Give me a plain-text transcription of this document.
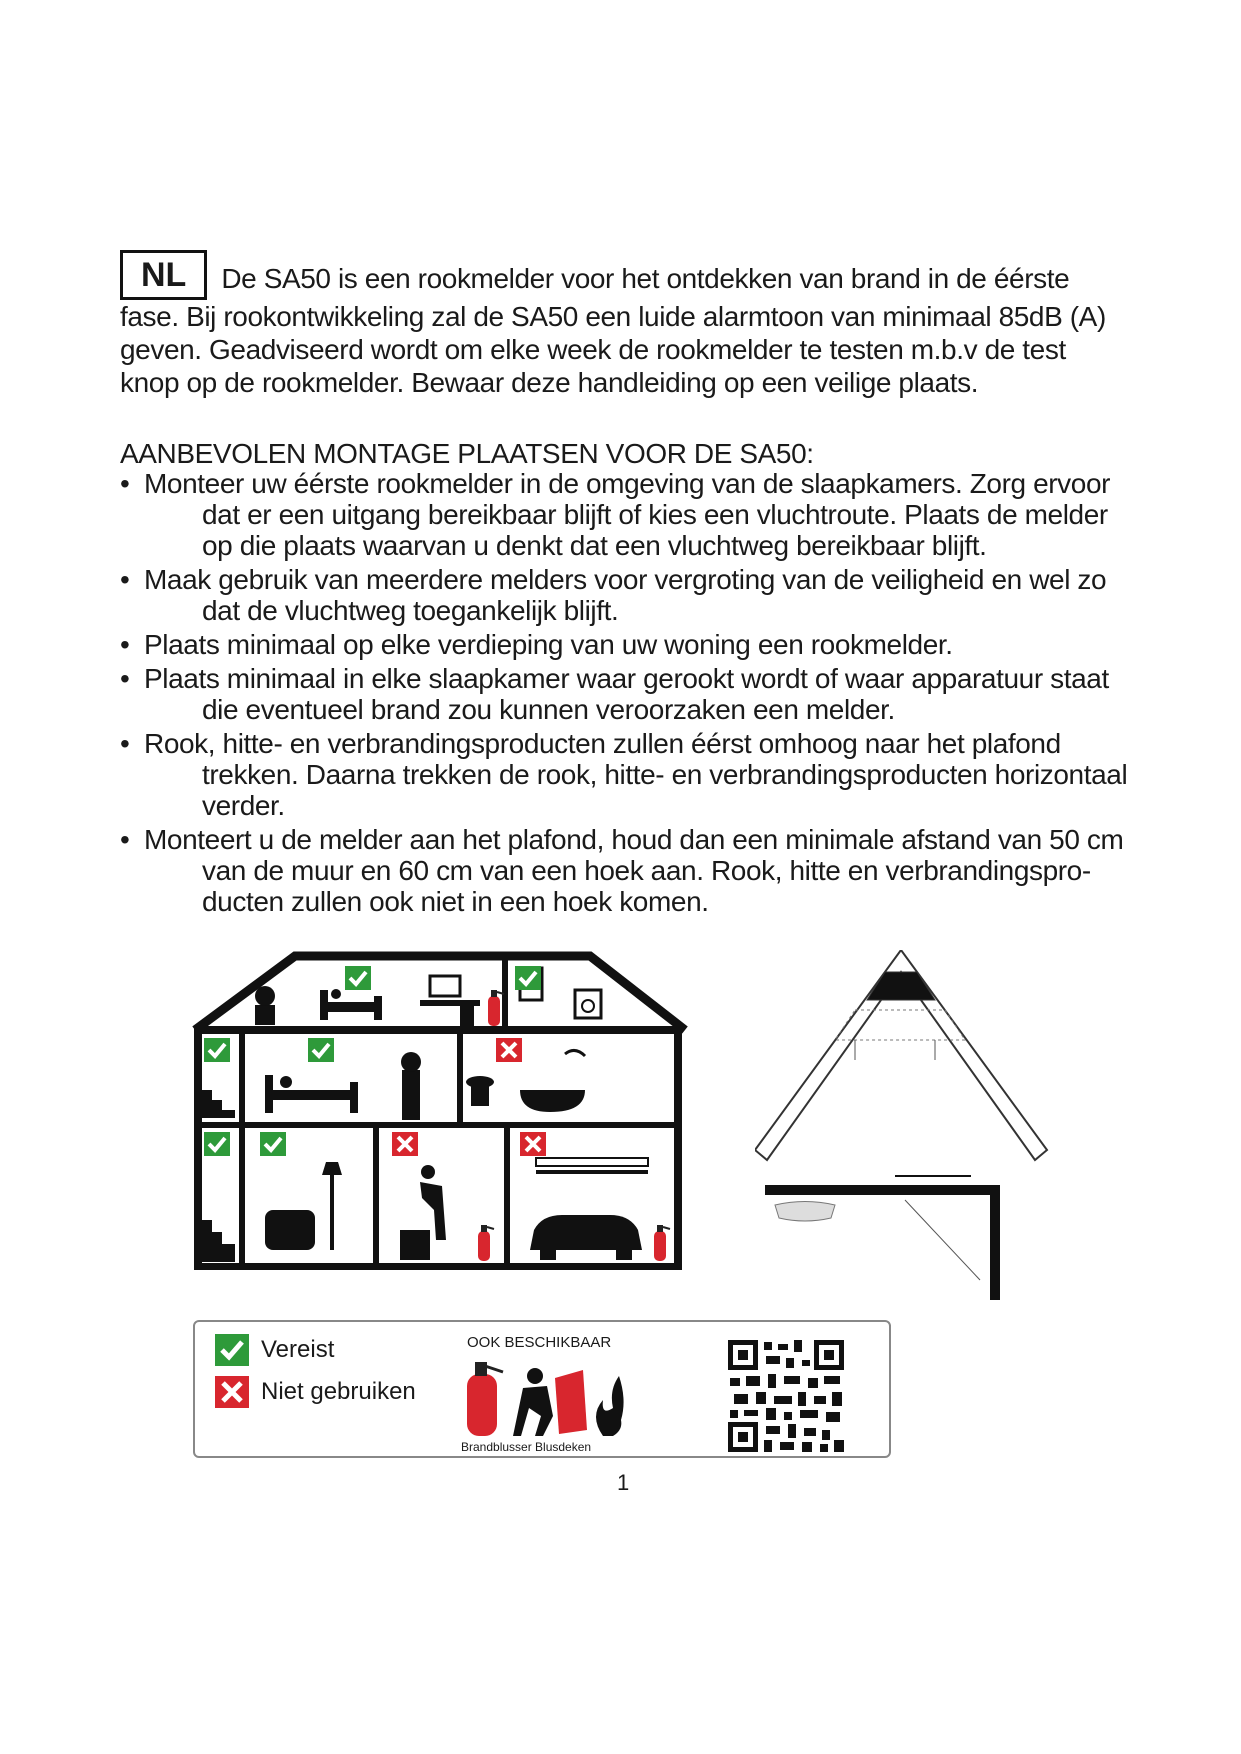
NL De SA50 is een rookmelder voor het ontdekken van brand in de éérste fase. Bij rookontwikkeling zal de SA50 een luide alarmtoon van minimaal 85dB (A) geven. Geadviseerd wordt om elke week de rookmelder te testen m.b.v de test knop op de rookmelder. Bewaar deze handleiding op een veilige plaats.
AANBEVOLEN MONTAGE PLAATSEN VOOR DE SA50:
• Monteer uw éérste rookmelder in de omgeving van de slaapkamers. Zorg ervoor dat er een uitgang bereikbaar blijft of kies een vluchtroute. Plaats de melder op die plaats waarvan u denkt dat een vluchtweg bereikbaar blijft.
• Maak gebruik van meerdere melders voor vergroting van de veiligheid en wel zo dat de vluchtweg toegankelijk blijft.
• Plaats minimaal op elke verdieping van uw woning een rookmelder.
• Plaats minimaal in elke slaapkamer waar gerookt wordt of waar apparatuur staat die eventueel brand zou kunnen veroorzaken een melder.
• Rook, hitte- en verbrandingsproducten zullen éérst omhoog naar het plafond trekken. Daarna trekken de rook, hitte- en verbrandingsproducten horizontaal verder.
• Monteert u de melder aan het plafond, houd dan een minimale afstand van 50 cm van de muur en 60 cm van een hoek aan. Rook, hitte en verbrandingspro-ducten zullen ook niet in een hoek komen.
Vereist
Niet gebruiken
OOK BESCHIKBAAR
Brandblusser Blusdeken
1
